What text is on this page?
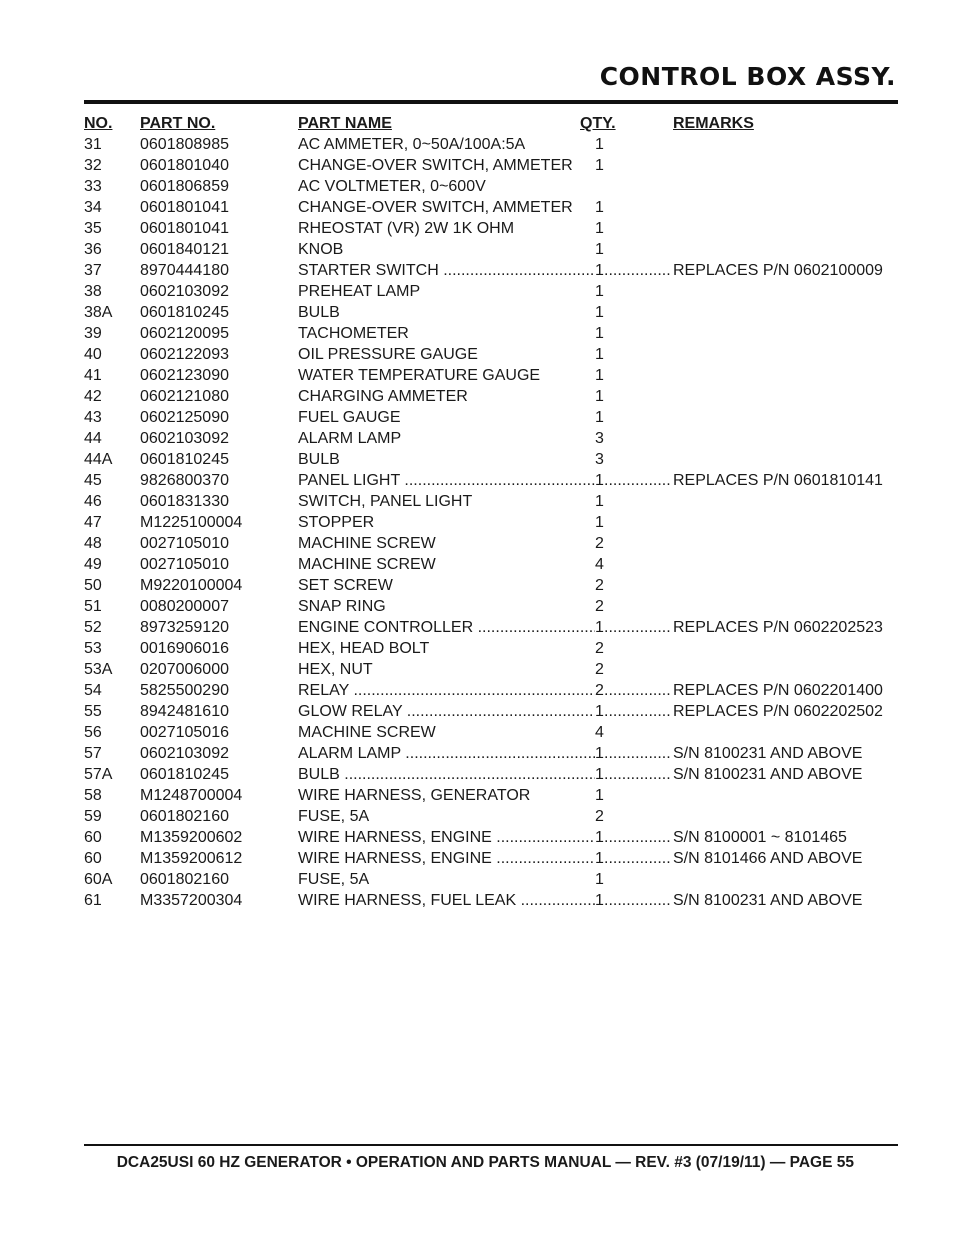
CONTROL BOX ASSY.
NO. PART NO.	PART NAME	QTY.	REMARKS
31 0601808985	AC AMMETER, 0~50A/100A:5A	1
32 0601801040	CHANGE-OVER SWITCH, AMMETER	1
33 0601806859	AC VOLTMETER, 0~600V
34 0601801041	CHANGE-OVER SWITCH, AMMETER	1
35 0601801041	RHEOSTAT (VR) 2W 1K OHM	1
36 0601840121	KNOB	1
37 8970444180	STARTER SWITCH .....	1 .....	REPLACES P/N 0602100009
38 0602103092	PREHEAT LAMP	1
38A 0601810245	BULB	1
39 0602120095	TACHOMETER	1
40 0602122093	OIL PRESSURE GAUGE	1
41 0602123090	WATER TEMPERATURE GAUGE	1
42 0602121080	CHARGING AMMETER	1
43 0602125090	FUEL GAUGE	1
44 0602103092	ALARM LAMP	3
44A 0601810245	BULB	3
45 9826800370	PANEL LIGHT .....	1 .....	REPLACES P/N 0601810141
46 0601831330	SWITCH, PANEL LIGHT	1
47 M1225100004	STOPPER	1
48 0027105010	MACHINE SCREW	2
49 0027105010	MACHINE SCREW	4
50 M9220100004	SET SCREW	2
51 0080200007	SNAP RING	2
52 8973259120	ENGINE CONTROLLER .....	1 .....	REPLACES P/N 0602202523
53 0016906016	HEX, HEAD BOLT	2
53A 0207006000	HEX, NUT	2
54 5825500290	RELAY .....	2 .....	REPLACES P/N 0602201400
55 8942481610	GLOW RELAY .....	1 .....	REPLACES P/N 0602202502
56 0027105016	MACHINE SCREW	4
57 0602103092	ALARM LAMP .....	1 .....	S/N 8100231 AND ABOVE
57A 0601810245	BULB .....	1 .....	S/N 8100231 AND ABOVE
58 M1248700004	WIRE HARNESS, GENERATOR	1
59 0601802160	FUSE, 5A	2
60 M1359200602	WIRE HARNESS, ENGINE .....	1 .....	S/N 8100001 ~ 8101465
60 M1359200612	WIRE HARNESS, ENGINE .....	1 .....	S/N 8101466 AND ABOVE
60A 0601802160	FUSE, 5A	1
61 M3357200304	WIRE HARNESS, FUEL LEAK .....	1 .....	S/N 8100231 AND ABOVE
DCA25USI 60 HZ GENERATOR • OPERATION AND PARTS MANUAL — REV. #3 (07/19/11) — PAGE 55
